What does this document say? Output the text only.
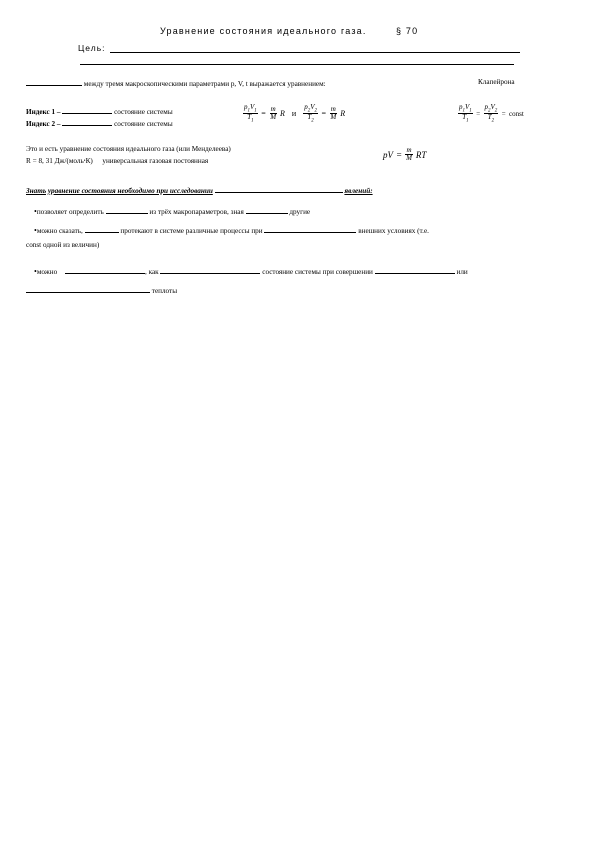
Уравнение состояния идеального газа.	§ 70
Цель:
между тремя макроскопическими параметрами p, V, t выражается уравнением:	Клапейрона
Индекс 1 –	состояние системы
Индекс 2 –	состояние системы
$\frac{p_1V_1}{T_1} = \frac{m}{M}$ R и $\frac{p_2V_2}{T_2} = \frac{m}{M}$ R	$\frac{p_1V_1}{T_1} = \frac{p_2V_2}{T_2}$ = const
Это и есть уравнение состояния идеального газа (или Менделеева)
R = 8, 31 Дж/(моль•К) универсальная газовая постоянная
pV = $\frac{m}{M}$ RT
Знать уравнение состояния необходимо при исследовании	явлений:
•позволяет определить	из трёх макропараметров, зная	другие
•можно сказать,	протекают в системе различные процессы при	внешних условиях (т.е.
const одной из величин)
•можно	, как	состояние системы при совершении	или
теплоты
